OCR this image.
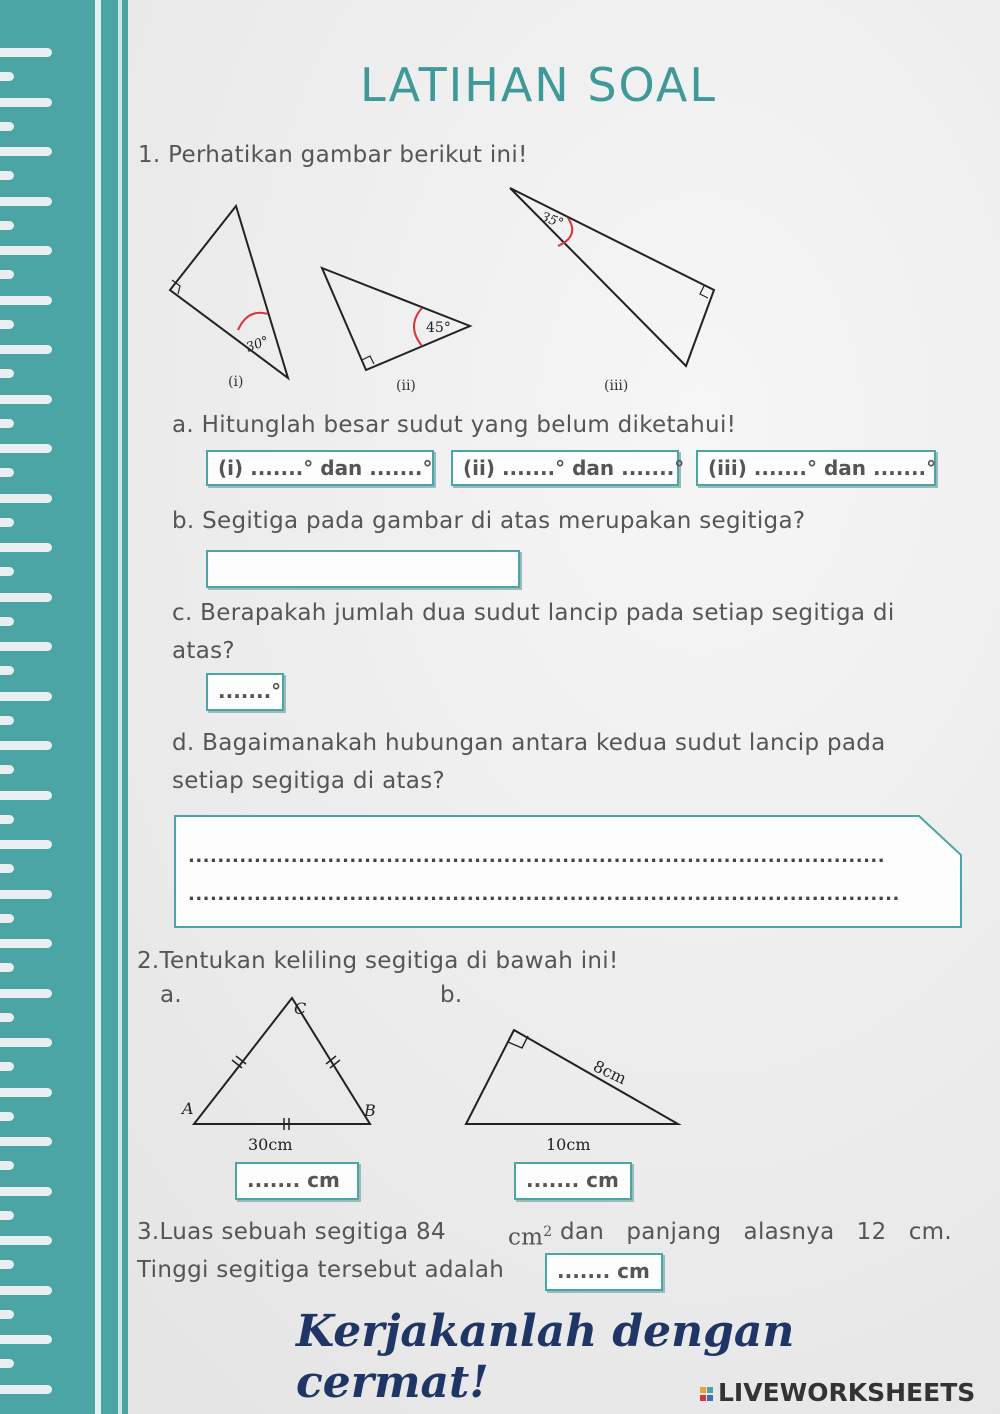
LATIHAN SOAL
1. Perhatikan gambar berikut ini!
30°
(i)
45°
(ii)
35°
(iii)
a. Hitunglah besar sudut yang belum diketahui!
(i) .......° dan .......°	(ii) .......° dan .......°	(iii) .......° dan .......°
b. Segitiga pada gambar di atas merupakan segitiga?
c. Berapakah jumlah dua sudut lancip pada setiap segitiga di
atas?
.......°
d. Bagaimanakah hubungan antara kedua sudut lancip pada
setiap segitiga di atas?
...............................................................................................
.................................................................................................
2.Tentukan keliling segitiga di bawah ini!
a.	b.
C
A	B
30cm
8cm
10cm
....... cm	....... cm
3.Luas sebuah segitiga 84	$cm^2$ dan panjang alasnya 12 cm.
Tinggi segitiga tersebut adalah	....... cm
Kerjakanlah dengan cermat!	LIVEWORKSHEETS
